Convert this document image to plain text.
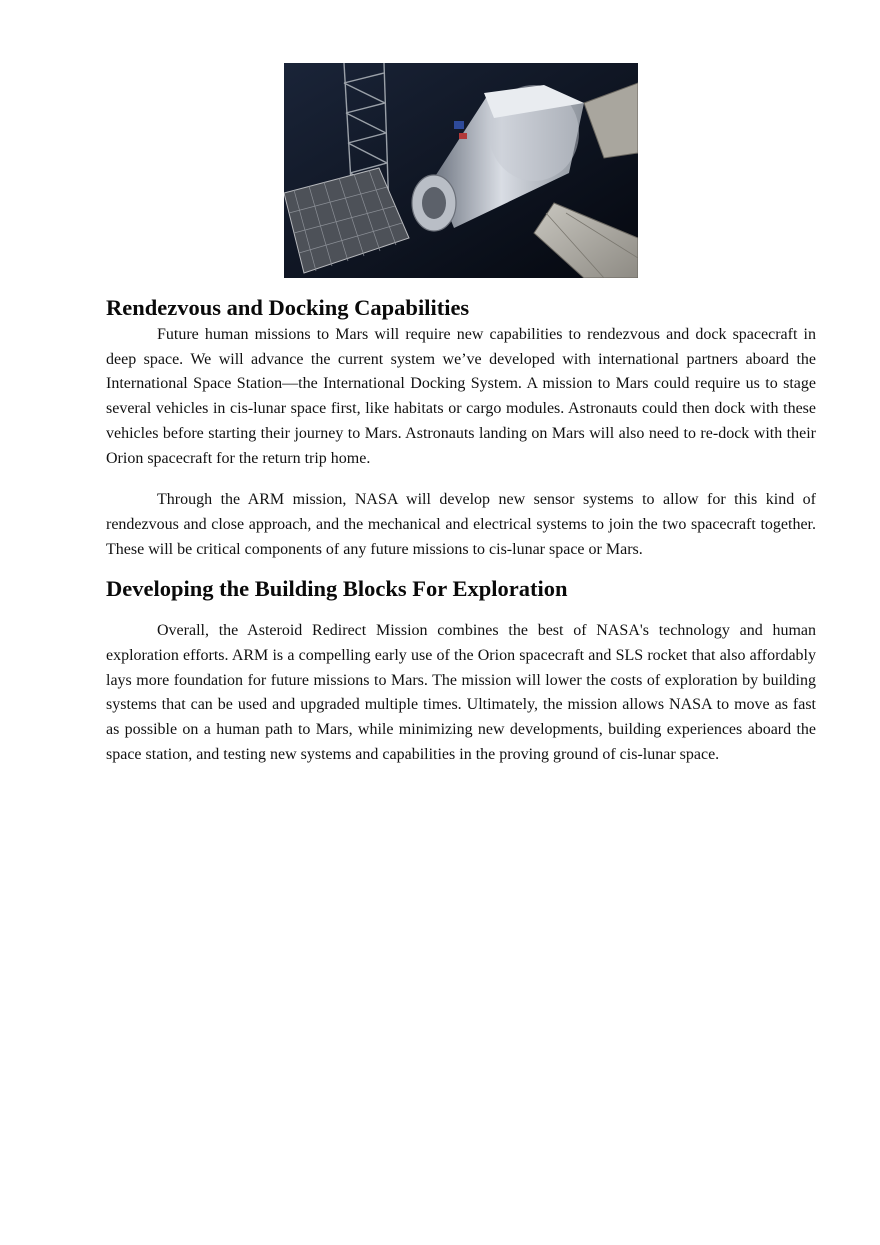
Rendezvous and Docking Capabilities

Future human missions to Mars will require new capabilities to rendezvous and dock spacecraft in deep space. We will advance the current system we’ve developed with international partners aboard the International Space Station—the International Docking System. A mission to Mars could require us to stage several vehicles in cis-lunar space first, like habitats or cargo modules. Astronauts could then dock with these vehicles before starting their journey to Mars. Astronauts landing on Mars will also need to re-dock with their Orion spacecraft for the return trip home.

Through the ARM mission, NASA will develop new sensor systems to allow for this kind of rendezvous and close approach, and the mechanical and electrical systems to join the two spacecraft together. These will be critical components of any future missions to cis-lunar space or Mars.

Developing the Building Blocks For Exploration

Overall, the Asteroid Redirect Mission combines the best of NASA's technology and human exploration efforts. ARM is a compelling early use of the Orion spacecraft and SLS rocket that also affordably lays more foundation for future missions to Mars. The mission will lower the costs of exploration by building systems that can be used and upgraded multiple times. Ultimately, the mission allows NASA to move as fast as possible on a human path to Mars, while minimizing new developments, building experiences aboard the space station, and testing new systems and capabilities in the proving ground of cis-lunar space.
